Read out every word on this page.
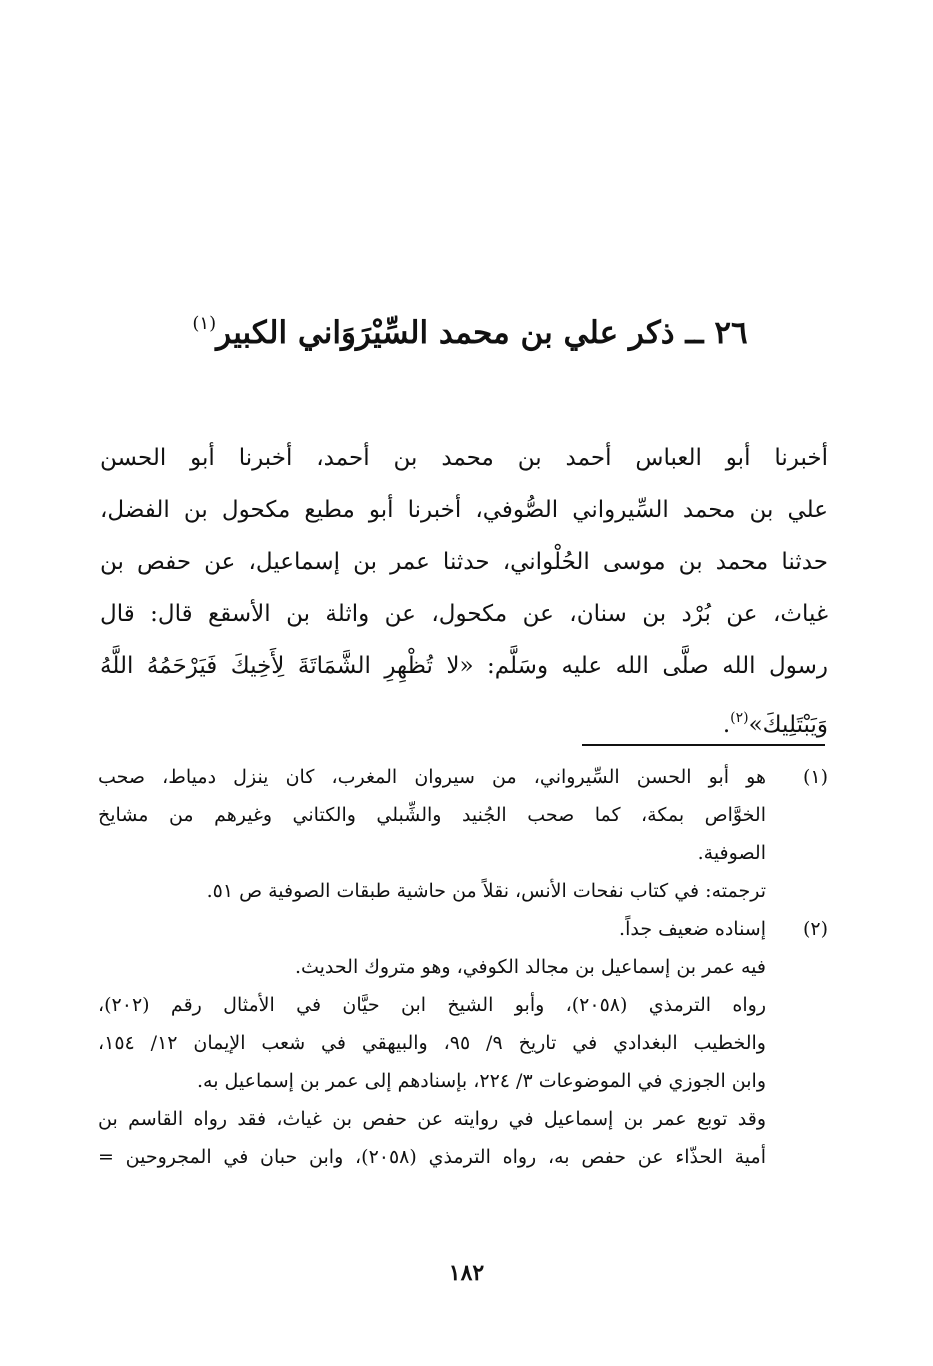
٢٦ ــ ذكر علي بن محمد السِّيْرَوَاني الكبير$^{(١)}$
أخبرنا أبو العباس أحمد بن محمد بن أحمد، أخبرنا أبو الحسن
علي بن محمد السِّيرواني الصُّوفي، أخبرنا أبو مطيع مكحول بن الفضل،
حدثنا محمد بن موسى الحُلْواني، حدثنا عمر بن إسماعيل، عن حفص بن
غياث، عن بُرْد بن سنان، عن مكحول، عن واثلة بن الأسقع قال: قال
رسول الله صلَّى الله عليه وسَلَّم: «لا تُظْهِرِ الشَّمَاتَةَ لِأَخِيكَ فَيَرْحَمُهُ اللَّهُ
وَيَبْتَلِيكَ»$^{(٢)}$.
(١)
هو أبو الحسن السِّيرواني، من سيروان المغرب، كان ينزل دمياط، صحب
الخوَّاص بمكة، كما صحب الجُنيد والشِّبلي والكتاني وغيرهم من مشايخ
الصوفية.
ترجمته: في كتاب نفحات الأنس، نقلاً من حاشية طبقات الصوفية ص ٥١.
(٢)
إسناده ضعيف جداً.
فيه عمر بن إسماعيل بن مجالد الكوفي، وهو متروك الحديث.
رواه الترمذي (٢٠٥٨)، وأبو الشيخ ابن حيَّان في الأمثال رقم (٢٠٢)،
والخطيب البغدادي في تاريخ ٩/ ٩٥، والبيهقي في شعب الإيمان ١٢/ ١٥٤،
وابن الجوزي في الموضوعات ٣/ ٢٢٤، بإسنادهم إلى عمر بن إسماعيل به.
وقد توبع عمر بن إسماعيل في روايته عن حفص بن غياث، فقد رواه القاسم بن
أمية الحذّاء عن حفص به، رواه الترمذي (٢٠٥٨)، وابن حبان في المجروحين =
١٨٢
